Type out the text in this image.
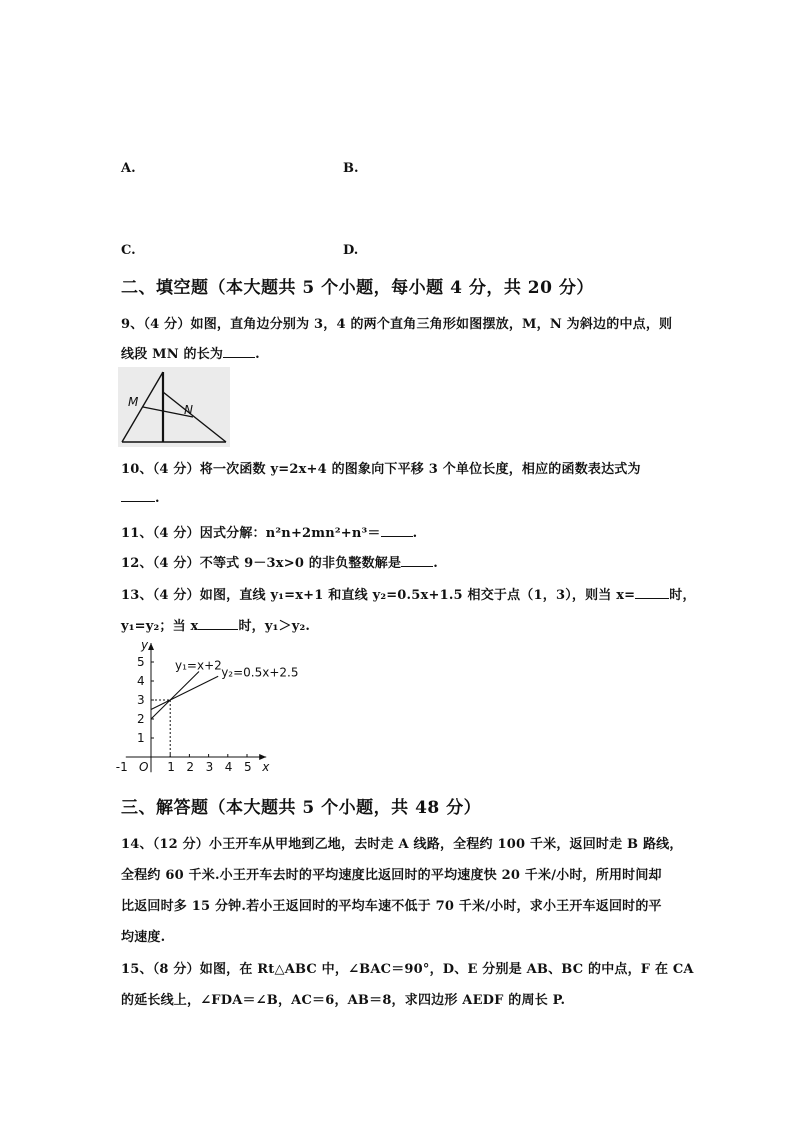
A.	B.
C.	D.
二、填空题（本大题共 5 个小题，每小题 4 分，共 20 分）
9、（4 分）如图，直角边分别为 3，4 的两个直角三角形如图摆放，M，N 为斜边的中点，则
线段 MN 的长为 .
M
N
10、（4 分）将一次函数 y=2x+4 的图象向下平移 3 个单位长度，相应的函数表达式为
.
11、（4 分）因式分解：n²n+2mn²+n³＝ .
12、（4 分）不等式 9－3x>0 的非负整数解是 .
13、（4 分）如图，直线 y₁=x+1 和直线 y₂=0.5x+1.5 相交于点（1，3），则当 x=	时，
y₁=y₂；当 x	时，y₁＞y₂.
x
y
O
-1	1 2 3 4 5
1
2
3
4
5	y₁=x+2 y₂=0.5x+2.5
三、解答题（本大题共 5 个小题，共 48 分）
14、（12 分）小王开车从甲地到乙地，去时走 A 线路，全程约 100 千米，返回时走 B 路线，
全程约 60 千米.小王开车去时的平均速度比返回时的平均速度快 20 千米/小时，所用时间却
比返回时多 15 分钟.若小王返回时的平均车速不低于 70 千米/小时，求小王开车返回时的平
均速度.
15、（8 分）如图，在 Rt△ABC 中，∠BAC＝90°，D、E 分别是 AB、BC 的中点，F 在 CA
的延长线上，∠FDA＝∠B，AC＝6，AB＝8，求四边形 AEDF 的周长 P.
